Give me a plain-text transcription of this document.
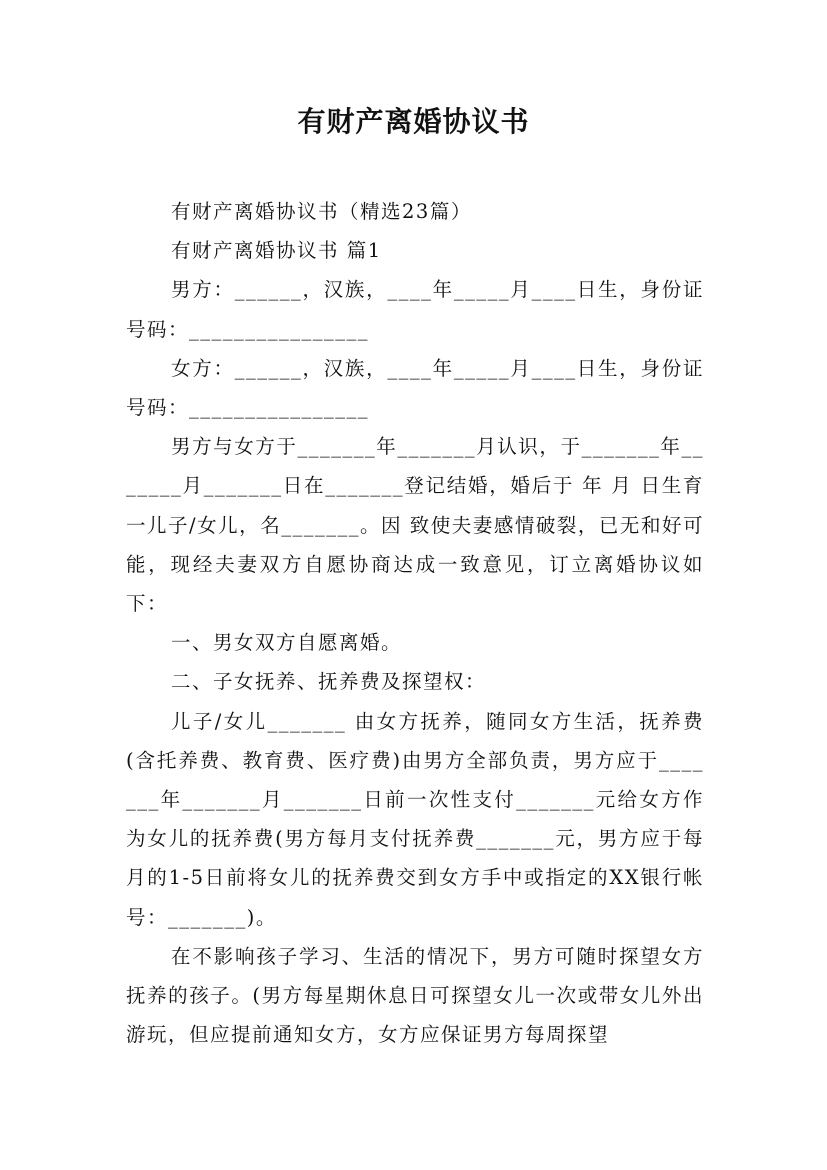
有财产离婚协议书

有财产离婚协议书（精选23篇）

有财产离婚协议书 篇1

男方：______，汉族，____年_____月____日生，身份证号码：________________

女方：______，汉族，____年_____月____日生，身份证号码：________________

男方与女方于_______年_______月认识，于_______年_______月_______日在_______登记结婚，婚后于 年 月 日生育一儿子/女儿，名_______。因 致使夫妻感情破裂，已无和好可能，现经夫妻双方自愿协商达成一致意见，订立离婚协议如下：

一、男女双方自愿离婚。

二、子女抚养、抚养费及探望权：

儿子/女儿_______ 由女方抚养，随同女方生活，抚养费(含托养费、教育费、医疗费)由男方全部负责，男方应于_______年_______月_______日前一次性支付_______元给女方作为女儿的抚养费(男方每月支付抚养费_______元，男方应于每月的1-5日前将女儿的抚养费交到女方手中或指定的XX银行帐号：_______)。

在不影响孩子学习、生活的情况下，男方可随时探望女方抚养的孩子。(男方每星期休息日可探望女儿一次或带女儿外出游玩，但应提前通知女方，女方应保证男方每周探望
